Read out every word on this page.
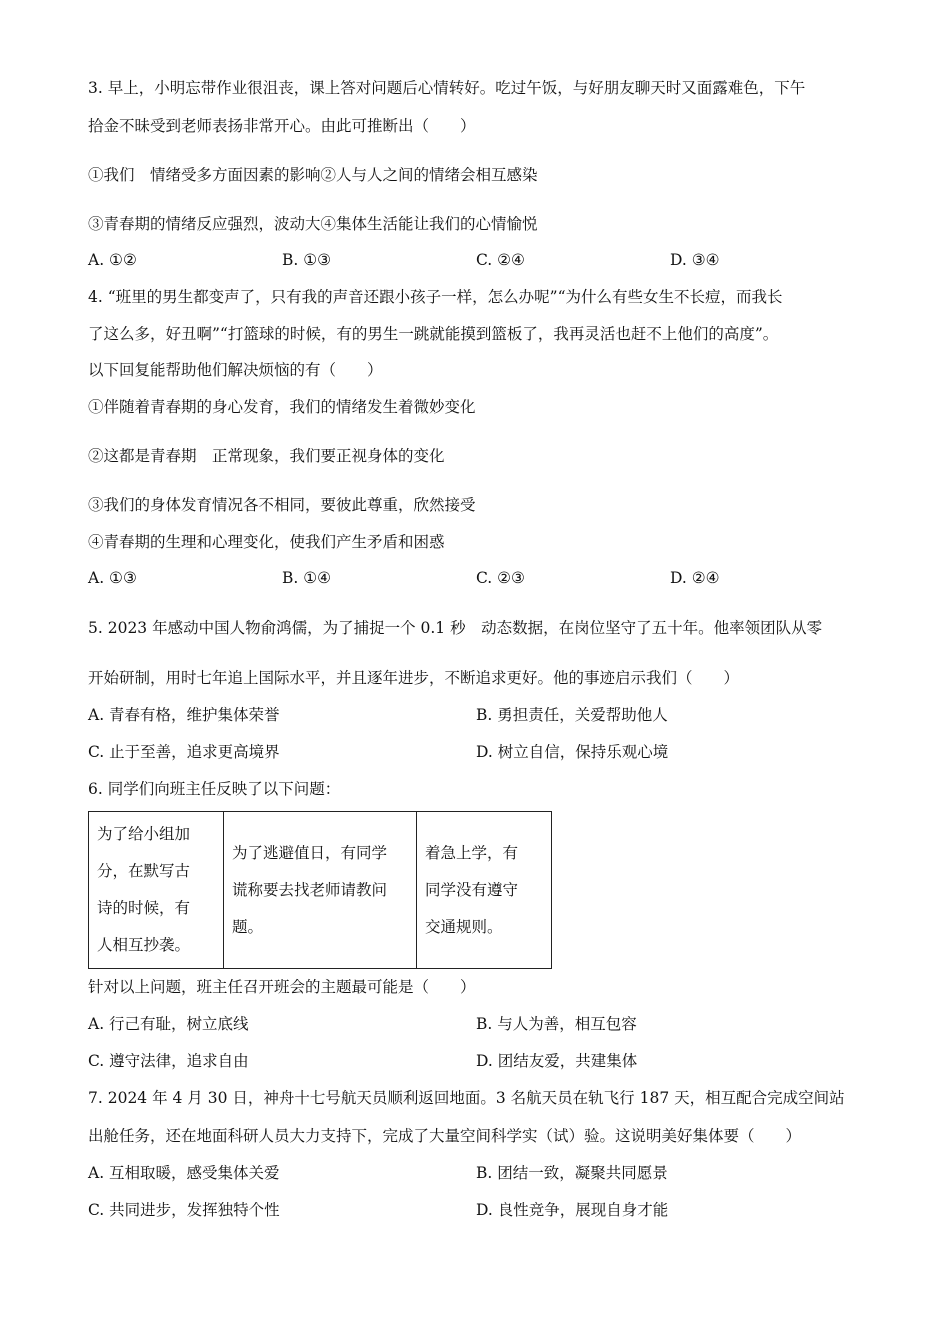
3. 早上，小明忘带作业很沮丧，课上答对问题后心情转好。吃过午饭，与好朋友聊天时又面露难色，下午
拾金不昧受到老师表扬非常开心。由此可推断出（　　）
①我们　情绪受多方面因素的影响②人与人之间的情绪会相互感染
③青春期的情绪反应强烈，波动大④集体生活能让我们的心情愉悦
A. ①②	B. ①③	C. ②④	D. ③④
4. “班里的男生都变声了，只有我的声音还跟小孩子一样，怎么办呢”“为什么有些女生不长痘，而我长
了这么多，好丑啊”“打篮球的时候，有的男生一跳就能摸到篮板了，我再灵活也赶不上他们的高度”。
以下回复能帮助他们解决烦恼的有（　　）
①伴随着青春期的身心发育，我们的情绪发生着微妙变化
②这都是青春期　正常现象，我们要正视身体的变化
③我们的身体发育情况各不相同，要彼此尊重，欣然接受
④青春期的生理和心理变化，使我们产生矛盾和困惑
A. ①③	B. ①④	C. ②③	D. ②④
5. 2023 年感动中国人物俞鸿儒，为了捕捉一个 0.1 秒　动态数据，在岗位坚守了五十年。他率领团队从零
开始研制，用时七年追上国际水平，并且逐年进步，不断追求更好。他的事迹启示我们（　　）
A. 青春有格，维护集体荣誉	B. 勇担责任，关爱帮助他人
C. 止于至善，追求更高境界	D. 树立自信，保持乐观心境
6. 同学们向班主任反映了以下问题：
为了给小组加
分，在默写古
诗的时候，有
人相互抄袭。

为了逃避值日，有同学
谎称要去找老师请教问
题。

着急上学，有
同学没有遵守
交通规则。
针对以上问题，班主任召开班会的主题最可能是（　　）
A. 行己有耻，树立底线	B. 与人为善，相互包容
C. 遵守法律，追求自由	D. 团结友爱，共建集体
7. 2024 年 4 月 30 日，神舟十七号航天员顺利返回地面。3 名航天员在轨飞行 187 天，相互配合完成空间站
出舱任务，还在地面科研人员大力支持下，完成了大量空间科学实（试）验。这说明美好集体要（　　）
A. 互相取暖，感受集体关爱	B. 团结一致，凝聚共同愿景
C. 共同进步，发挥独特个性	D. 良性竞争，展现自身才能
